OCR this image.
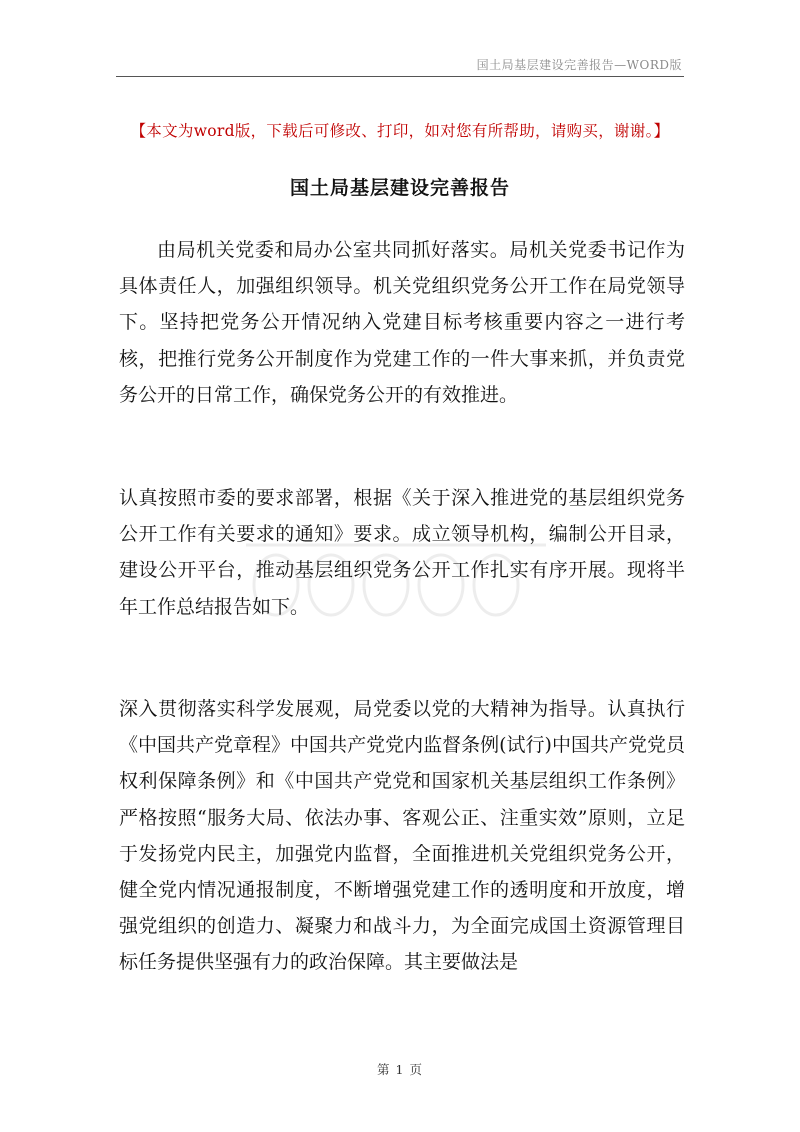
国土局基层建设完善报告—WORD版
【本文为word版，下载后可修改、打印，如对您有所帮助，请购买，谢谢。】
国土局基层建设完善报告

由局机关党委和局办公室共同抓好落实。局机关党委书记作为具体责任人，加强组织领导。机关党组织党务公开工作在局党领导下。坚持把党务公开情况纳入党建目标考核重要内容之一进行考核，把推行党务公开制度作为党建工作的一件大事来抓，并负责党务公开的日常工作，确保党务公开的有效推进。

认真按照市委的要求部署，根据《关于深入推进党的基层组织党务公开工作有关要求的通知》要求。成立领导机构，编制公开目录，建设公开平台，推动基层组织党务公开工作扎实有序开展。现将半年工作总结报告如下。

深入贯彻落实科学发展观，局党委以党的大精神为指导。认真执行《中国共产党章程》中国共产党党内监督条例(试行)中国共产党党员权利保障条例》和《中国共产党党和国家机关基层组织工作条例》严格按照“服务大局、依法办事、客观公正、注重实效”原则，立足于发扬党内民主，加强党内监督，全面推进机关党组织党务公开，健全党内情况通报制度，不断增强党建工作的透明度和开放度，增强党组织的创造力、凝聚力和战斗力，为全面完成国土资源管理目标任务提供坚强有力的政治保障。其主要做法是

第 1 页
